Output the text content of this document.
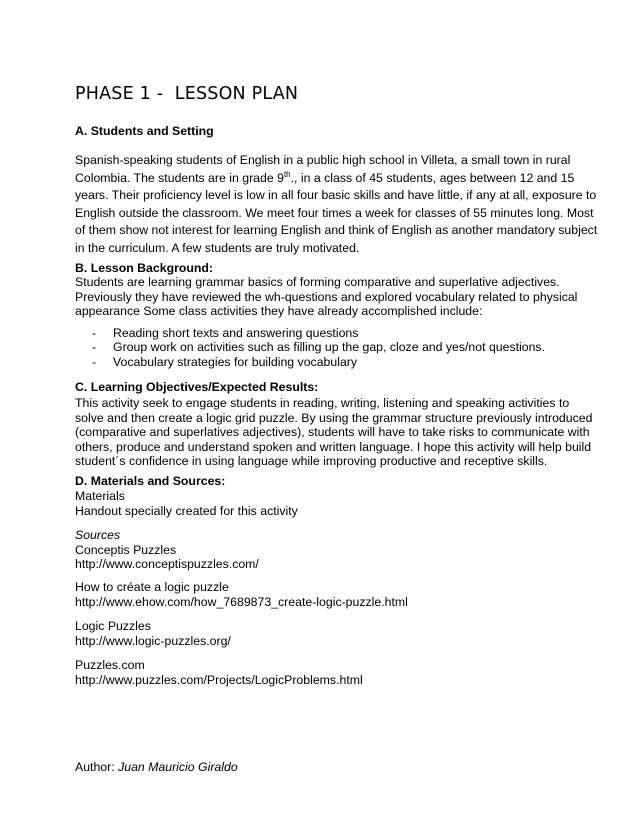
PHASE 1 -  LESSON PLAN
A. Students and Setting
Spanish-speaking students of English in a public high school in Villeta, a small town in rural
Colombia. The students are in grade 9th., in a class of 45 students, ages between 12 and 15
years. Their proficiency level is low in all four basic skills and have little, if any at all, exposure to
English outside the classroom. We meet four times a week for classes of 55 minutes long. Most
of them show not interest for learning English and think of English as another mandatory subject
in the curriculum. A few students are truly motivated.
B. Lesson Background:
Students are learning grammar basics of forming comparative and superlative adjectives.
Previously they have reviewed the wh-questions and explored vocabulary related to physical
appearance Some class activities they have already accomplished include:
- Reading short texts and answering questions
- Group work on activities such as filling up the gap, cloze and yes/not questions.
- Vocabulary strategies for building vocabulary
C. Learning Objectives/Expected Results:
This activity seek to engage students in reading, writing, listening and speaking activities to
solve and then create a logic grid puzzle. By using the grammar structure previously introduced
(comparative and superlatives adjectives), students will have to take risks to communicate with
others, produce and understand spoken and written language. I hope this activity will help build
student´s confidence in using language while improving productive and receptive skills.
D. Materials and Sources:
Materials
Handout specially created for this activity
Sources
Conceptis Puzzles
http://www.conceptispuzzles.com/
How to créate a logic puzzle
http://www.ehow.com/how_7689873_create-logic-puzzle.html
Logic Puzzles
http://www.logic-puzzles.org/
Puzzles.com
http://www.puzzles.com/Projects/LogicProblems.html
Author: Juan Mauricio Giraldo
